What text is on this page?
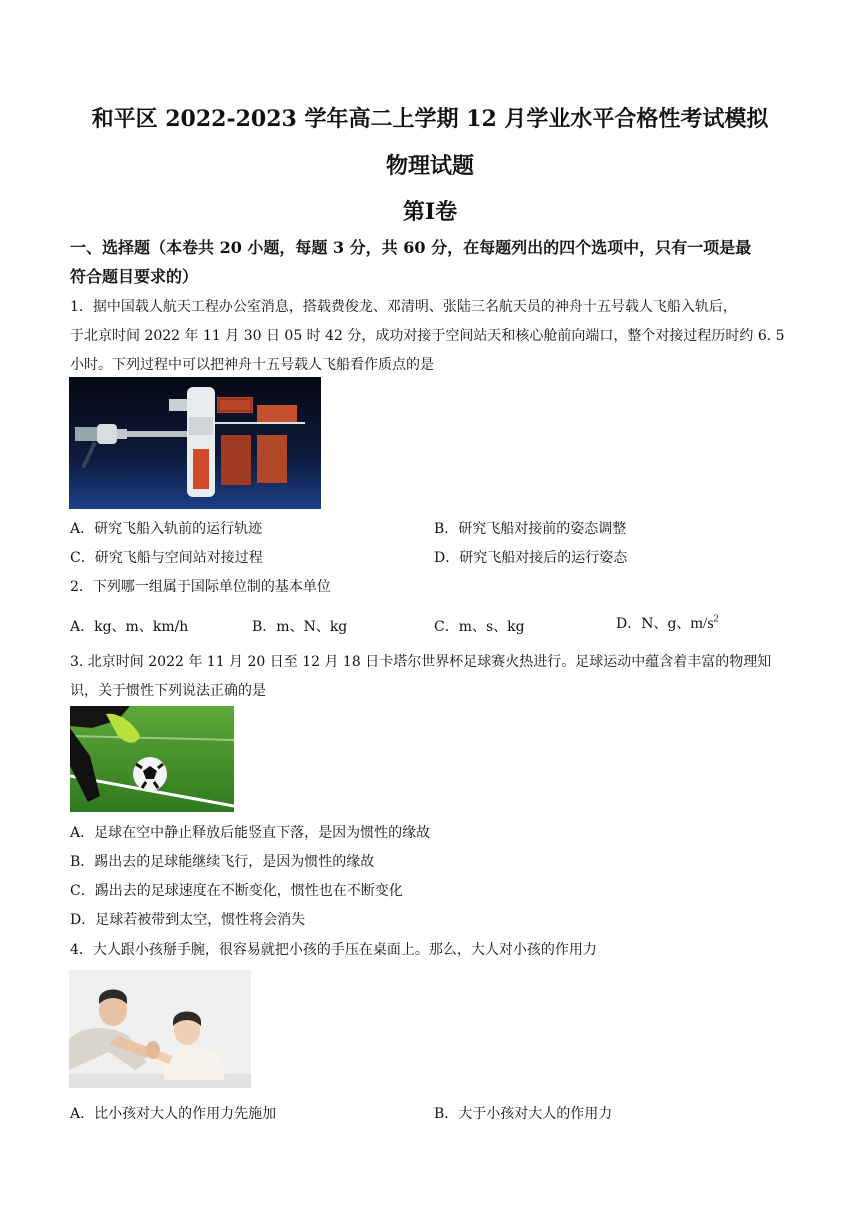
和平区 2022-2023 学年高二上学期 12 月学业水平合格性考试模拟
物理试题
第Ⅰ卷
一、选择题（本卷共 20 小题，每题 3 分，共 60 分，在每题列出的四个选项中，只有一项是最
符合题目要求的）
1．据中国载人航天工程办公室消息，搭载费俊龙、邓清明、张陆三名航天员的神舟十五号载人飞船入轨后，
于北京时间 2022 年 11 月 30 日 05 时 42 分，成功对接于空间站天和核心舱前向端口，整个对接过程历时约 6. 5
小时。下列过程中可以把神舟十五号载人飞船看作质点的是
A．研究飞船入轨前的运行轨迹	B．研究飞船对接前的姿态调整
C．研究飞船与空间站对接过程	D．研究飞船对接后的运行姿态
2．下列哪一组属于国际单位制的基本单位
A．kg、m、km/h	B．m、N、kg	C．m、s、kg	D．N、g、$m/s^2$
3. 北京时间 2022 年 11 月 20 日至 12 月 18 日卡塔尔世界杯足球赛火热进行。足球运动中蕴含着丰富的物理知
识，关于惯性下列说法正确的是
A．足球在空中静止释放后能竖直下落，是因为惯性的缘故
B．踢出去的足球能继续飞行，是因为惯性的缘故
C．踢出去的足球速度在不断变化，惯性也在不断变化
D．足球若被带到太空，惯性将会消失
4．大人跟小孩掰手腕，很容易就把小孩的手压在桌面上。那么，大人对小孩的作用力
A．比小孩对大人的作用力先施加	B．大于小孩对大人的作用力
